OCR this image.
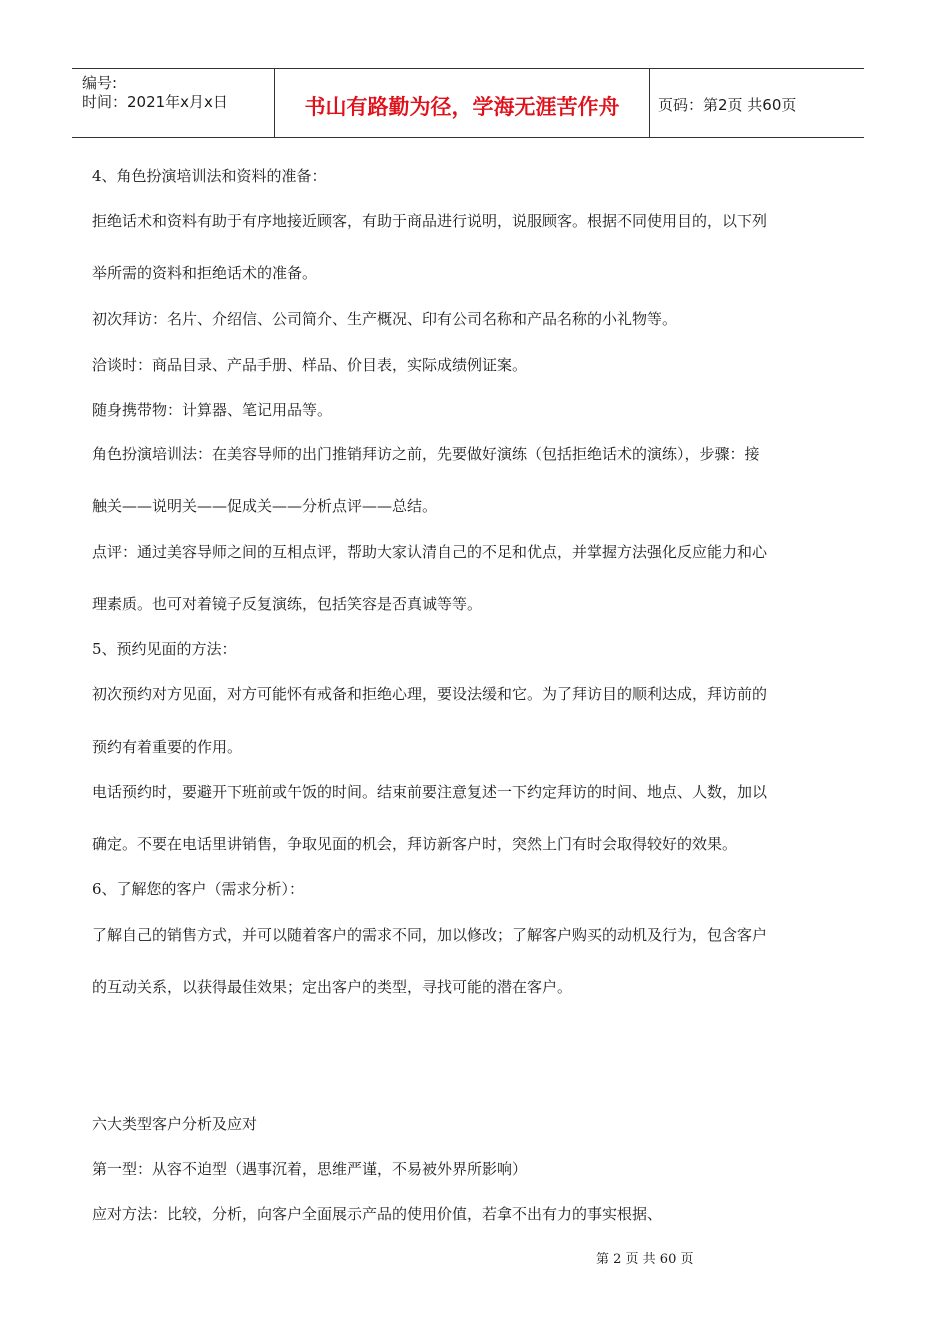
编号:
时间：2021年x月x日	书山有路勤为径，学海无涯苦作舟	页码：第2页 共60页
4、角色扮演培训法和资料的准备：
拒绝话术和资料有助于有序地接近顾客，有助于商品进行说明，说服顾客。根据不同使用目的，以下列
举所需的资料和拒绝话术的准备。
初次拜访：名片、介绍信、公司简介、生产概况、印有公司名称和产品名称的小礼物等。
洽谈时：商品目录、产品手册、样品、价目表，实际成绩例证案。
随身携带物：计算器、笔记用品等。
角色扮演培训法：在美容导师的出门推销拜访之前，先要做好演练（包括拒绝话术的演练），步骤：接
触关——说明关——促成关——分析点评——总结。
点评：通过美容导师之间的互相点评，帮助大家认清自己的不足和优点，并掌握方法强化反应能力和心
理素质。也可对着镜子反复演练，包括笑容是否真诚等等。
5、预约见面的方法：
初次预约对方见面，对方可能怀有戒备和拒绝心理，要设法缓和它。为了拜访目的顺利达成，拜访前的
预约有着重要的作用。
电话预约时，要避开下班前或午饭的时间。结束前要注意复述一下约定拜访的时间、地点、人数，加以
确定。不要在电话里讲销售，争取见面的机会，拜访新客户时，突然上门有时会取得较好的效果。
6、了解您的客户（需求分析）：
了解自己的销售方式，并可以随着客户的需求不同，加以修改；了解客户购买的动机及行为，包含客户
的互动关系，以获得最佳效果；定出客户的类型，寻找可能的潜在客户。
六大类型客户分析及应对
第一型：从容不迫型（遇事沉着，思维严谨，不易被外界所影响）
应对方法：比较，分析，向客户全面展示产品的使用价值，若拿不出有力的事实根据、
第 2 页 共 60 页
